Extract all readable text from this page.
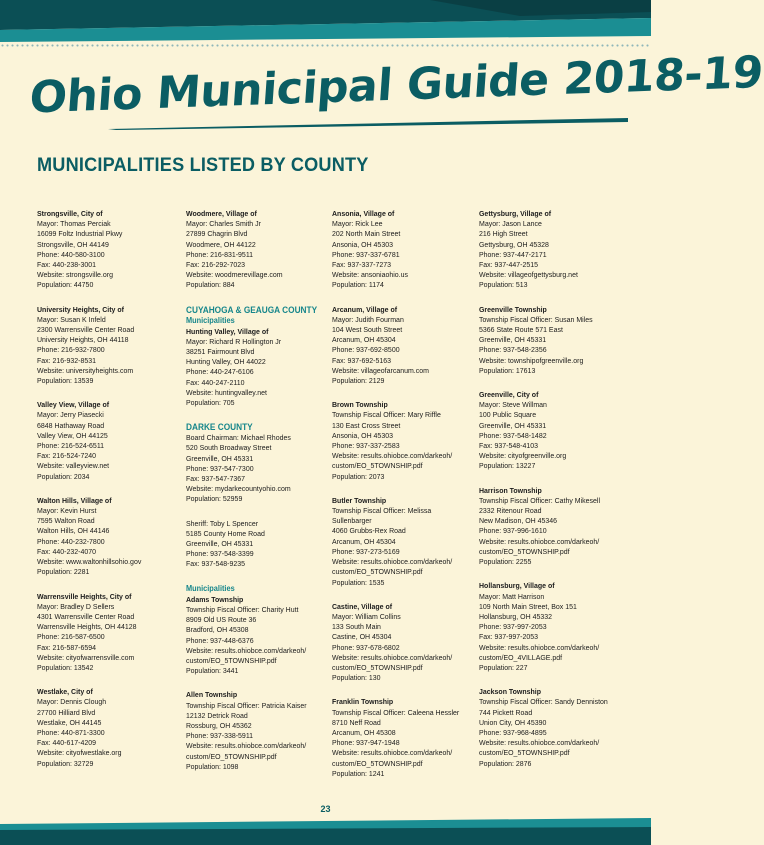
Ohio Municipal Guide 2018-19
MUNICIPALITIES LISTED BY COUNTY
Strongsville, City of
Mayor: Thomas Perciak
16099 Foltz Industrial Pkwy
Strongsville, OH 44149
Phone: 440-580-3100
Fax: 440-238-3001
Website: strongsville.org
Population: 44750
University Heights, City of
Mayor: Susan K Infeld
2300 Warrensville Center Road
University Heights, OH 44118
Phone: 216-932-7800
Fax: 216-932-8531
Website: universityheights.com
Population: 13539
Valley View, Village of
Mayor: Jerry Piasecki
6848 Hathaway Road
Valley View, OH 44125
Phone: 216-524-6511
Fax: 216-524-7240
Website: valleyview.net
Population: 2034
Walton Hills, Village of
Mayor: Kevin Hurst
7595 Walton Road
Walton Hills, OH 44146
Phone: 440-232-7800
Fax: 440-232-4070
Website: www.waltonhillsohio.gov
Population: 2281
Warrensville Heights, City of
Mayor: Bradley D Sellers
4301 Warrensville Center Road
Warrensville Heights, OH 44128
Phone: 216-587-6500
Fax: 216-587-6594
Website: cityofwarrensville.com
Population: 13542
Westlake, City of
Mayor: Dennis Clough
27700 Hilliard Blvd
Westlake, OH 44145
Phone: 440-871-3300
Fax: 440-617-4209
Website: cityofwestlake.org
Population: 32729
Woodmere, Village of
Mayor: Charles Smith Jr
27899 Chagrin Blvd
Woodmere, OH 44122
Phone: 216-831-9511
Fax: 216-292-7023
Website: woodmerevillage.com
Population: 884
CUYAHOGA & GEAUGA COUNTY
Municipalities
Hunting Valley, Village of
Mayor: Richard R Hollington Jr
38251 Fairmount Blvd
Hunting Valley, OH 44022
Phone: 440-247-6106
Fax: 440-247-2110
Website: huntingvalley.net
Population: 705
DARKE COUNTY
Board Chairman: Michael Rhodes
520 South Broadway Street
Greenville, OH 45331
Phone: 937-547-7300
Fax: 937-547-7367
Website: mydarkecountyohio.com
Population: 52959
Sheriff: Toby L Spencer
5185 County Home Road
Greenville, OH 45331
Phone: 937-548-3399
Fax: 937-548-9235
Municipalities
Adams Township
Township Fiscal Officer: Charity Hutt
8909 Old US Route 36
Bradford, OH 45308
Phone: 937-448-6376
Website: results.ohiobce.com/darkeoh/
custom/EO_5TOWNSHIP.pdf
Population: 3441
Allen Township
Township Fiscal Officer: Patricia Kaiser
12132 Detrick Road
Rossburg, OH 45362
Phone: 937-338-5911
Website: results.ohiobce.com/darkeoh/
custom/EO_5TOWNSHIP.pdf
Population: 1098
Ansonia, Village of
Mayor: Rick Lee
202 North Main Street
Ansonia, OH 45303
Phone: 937-337-6781
Fax: 937-337-7273
Website: ansoniaohio.us
Population: 1174
Arcanum, Village of
Mayor: Judith Fourman
104 West South Street
Arcanum, OH 45304
Phone: 937-692-8500
Fax: 937-692-5163
Website: villageofarcanum.com
Population: 2129
Brown Township
Township Fiscal Officer: Mary Riffle
130 East Cross Street
Ansonia, OH 45303
Phone: 937-337-2583
Website: results.ohiobce.com/darkeoh/
custom/EO_5TOWNSHIP.pdf
Population: 2073
Butler Township
Township Fiscal Officer: Melissa
Sullenbarger
4060 Grubbs-Rex Road
Arcanum, OH 45304
Phone: 937-273-5169
Website: results.ohiobce.com/darkeoh/
custom/EO_5TOWNSHIP.pdf
Population: 1535
Castine, Village of
Mayor: William Collins
133 South Main
Castine, OH 45304
Phone: 937-678-6802
Website: results.ohiobce.com/darkeoh/
custom/EO_5TOWNSHIP.pdf
Population: 130
Franklin Township
Township Fiscal Officer: Caleena Hessler
8710 Neff Road
Arcanum, OH 45308
Phone: 937-947-1948
Website: results.ohiobce.com/darkeoh/
custom/EO_5TOWNSHIP.pdf
Population: 1241
Gettysburg, Village of
Mayor: Jason Lance
216 High Street
Gettysburg, OH 45328
Phone: 937-447-2171
Fax: 937-447-2515
Website: villageofgettysburg.net
Population: 513
Greenville Township
Township Fiscal Officer: Susan Miles
5366 State Route 571 East
Greenville, OH 45331
Phone: 937-548-2356
Website: townshipofgreenville.org
Population: 17613
Greenville, City of
Mayor: Steve Willman
100 Public Square
Greenville, OH 45331
Phone: 937-548-1482
Fax: 937-548-4103
Website: cityofgreenville.org
Population: 13227
Harrison Township
Township Fiscal Officer: Cathy Mikesell
2332 Ritenour Road
New Madison, OH 45346
Phone: 937-996-1610
Website: results.ohiobce.com/darkeoh/
custom/EO_5TOWNSHIP.pdf
Population: 2255
Hollansburg, Village of
Mayor: Matt Harrison
109 North Main Street, Box 151
Hollansburg, OH 45332
Phone: 937-997-2053
Fax: 937-997-2053
Website: results.ohiobce.com/darkeoh/
custom/EO_4VILLAGE.pdf
Population: 227
Jackson Township
Township Fiscal Officer: Sandy Denniston
744 Pickett Road
Union City, OH 45390
Phone: 937-968-4895
Website: results.ohiobce.com/darkeoh/
custom/EO_5TOWNSHIP.pdf
Population: 2876
23
